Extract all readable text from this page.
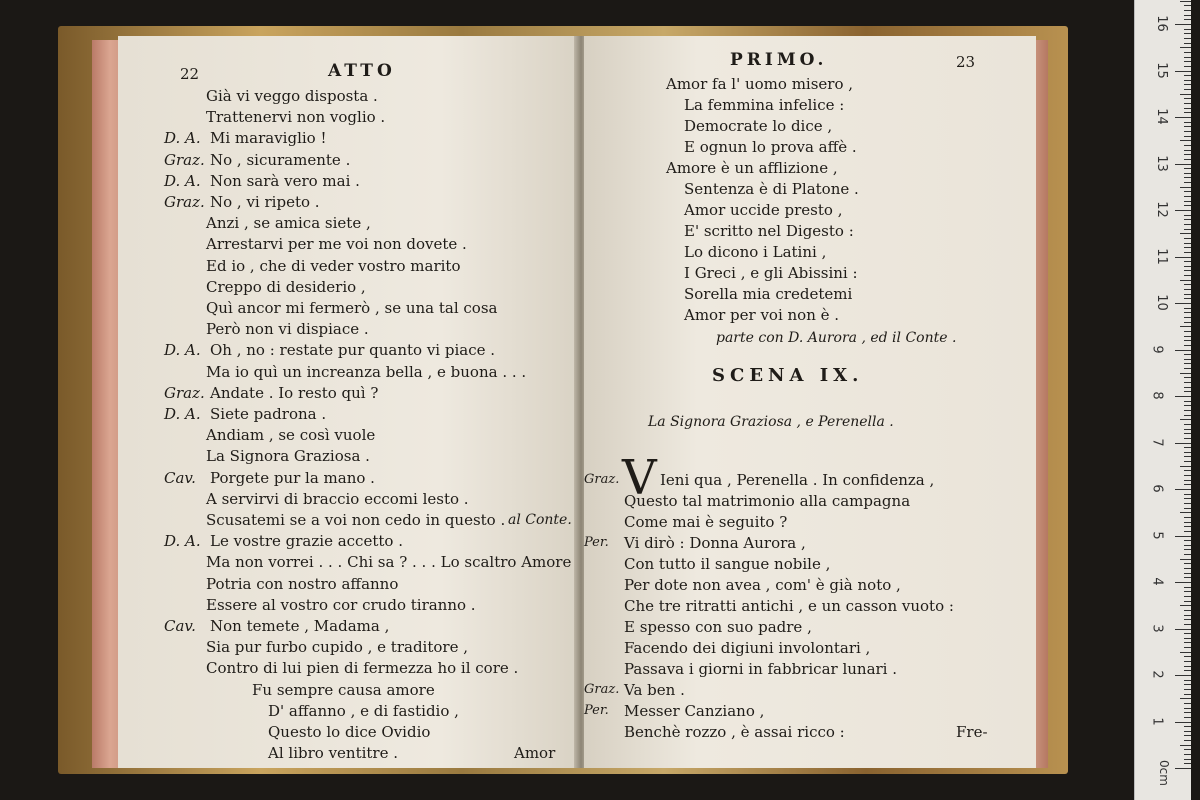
22	ATTO
Già vi veggo disposta .
Trattenervi non voglio .
D. A. Mi maraviglio !
Graz. No , sicuramente .
D. A. Non sarà vero mai .
Graz. No , vi ripeto .
Anzi , se amica siete ,
Arrestarvi per me voi non dovete .
Ed io , che di veder vostro marito
Creppo di desiderio ,
Quì ancor mi fermerò , se una tal cosa
Però non vi dispiace .
D. A. Oh , no : restate pur quanto vi piace .
Ma io quì un increanza bella , e buona . . .
Graz. Andate . Io resto quì ?
D. A. Siete padrona .
Andiam , se così vuole
La Signora Graziosa .
Cav. Porgete pur la mano .
A servirvi di braccio eccomi lesto .
Scusatemi se a voi non cedo in questo . al Conte.
D. A. Le vostre grazie accetto .
Ma non vorrei . . . Chi sa ? . . . Lo scaltro Amore
Potria con nostro affanno
Essere al vostro cor crudo tiranno .
Cav. Non temete , Madama ,
Sia pur furbo cupido , e traditore ,
Contro di lui pien di fermezza ho il core .
Fu sempre causa amore
D' affanno , e di fastidio ,
Questo lo dice Ovidio
Al libro ventitre .	Amor
PRIMO.	23
Amor fa l' uomo misero ,
La femmina infelice :
Democrate lo dice ,
E ognun lo prova affè .
Amore è un afflizione ,
Sentenza è di Platone .
Amor uccide presto ,
E' scritto nel Digesto :
Lo dicono i Latini ,
I Greci , e gli Abissini :
Sorella mia credetemi
Amor per voi non è .
parte con D. Aurora , ed il Conte .
SCENA IX.
La Signora Graziosa , e Perenella .
Graz. V Ieni qua , Perenella . In confidenza ,
Questo tal matrimonio alla campagna
Come mai è seguito ?
Per. Vi dirò : Donna Aurora ,
Con tutto il sangue nobile ,
Per dote non avea , com' è già noto ,
Che tre ritratti antichi , e un casson vuoto :
E spesso con suo padre ,
Facendo dei digiuni involontari ,
Passava i giorni in fabbricar lunari .
Graz. Va ben .
Per. Messer Canziano ,
Benchè rozzo , è assai ricco :	Fre-
1
2
3
4
5
6
7
8
9
10
11
12
13
14
15
16
0cm
